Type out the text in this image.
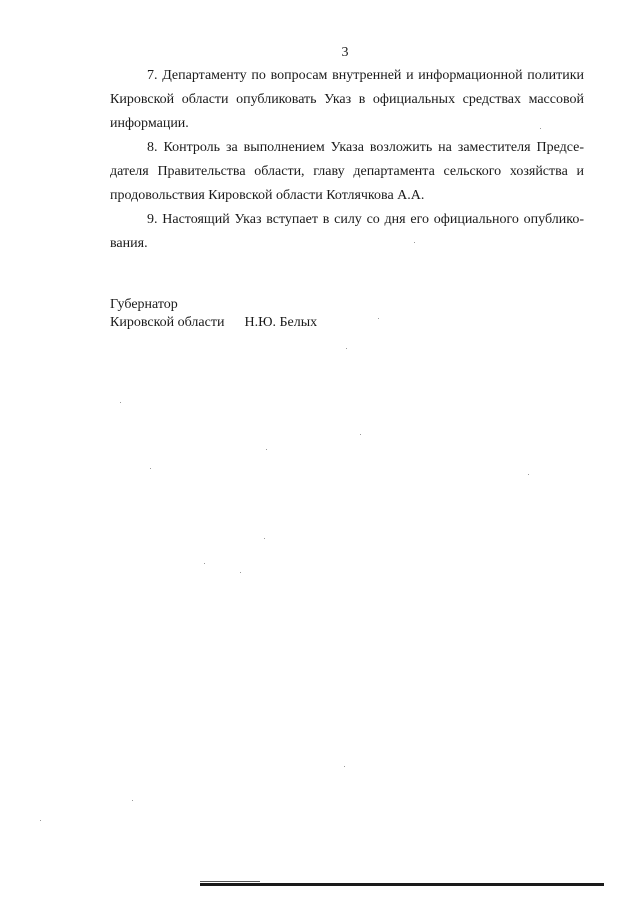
3

7. Департаменту по вопросам внутренней и информационной политики
Кировской области опубликовать Указ в официальных средствах массовой
информации.

8. Контроль за выполнением Указа возложить на заместителя Предсе-
дателя Правительства области, главу департамента сельского хозяйства и
продовольствия Кировской области Котлячкова А.А.

9. Настоящий Указ вступает в силу со дня его официального опублико-
вания.

Губернатор
Кировской области Н.Ю. Белых
